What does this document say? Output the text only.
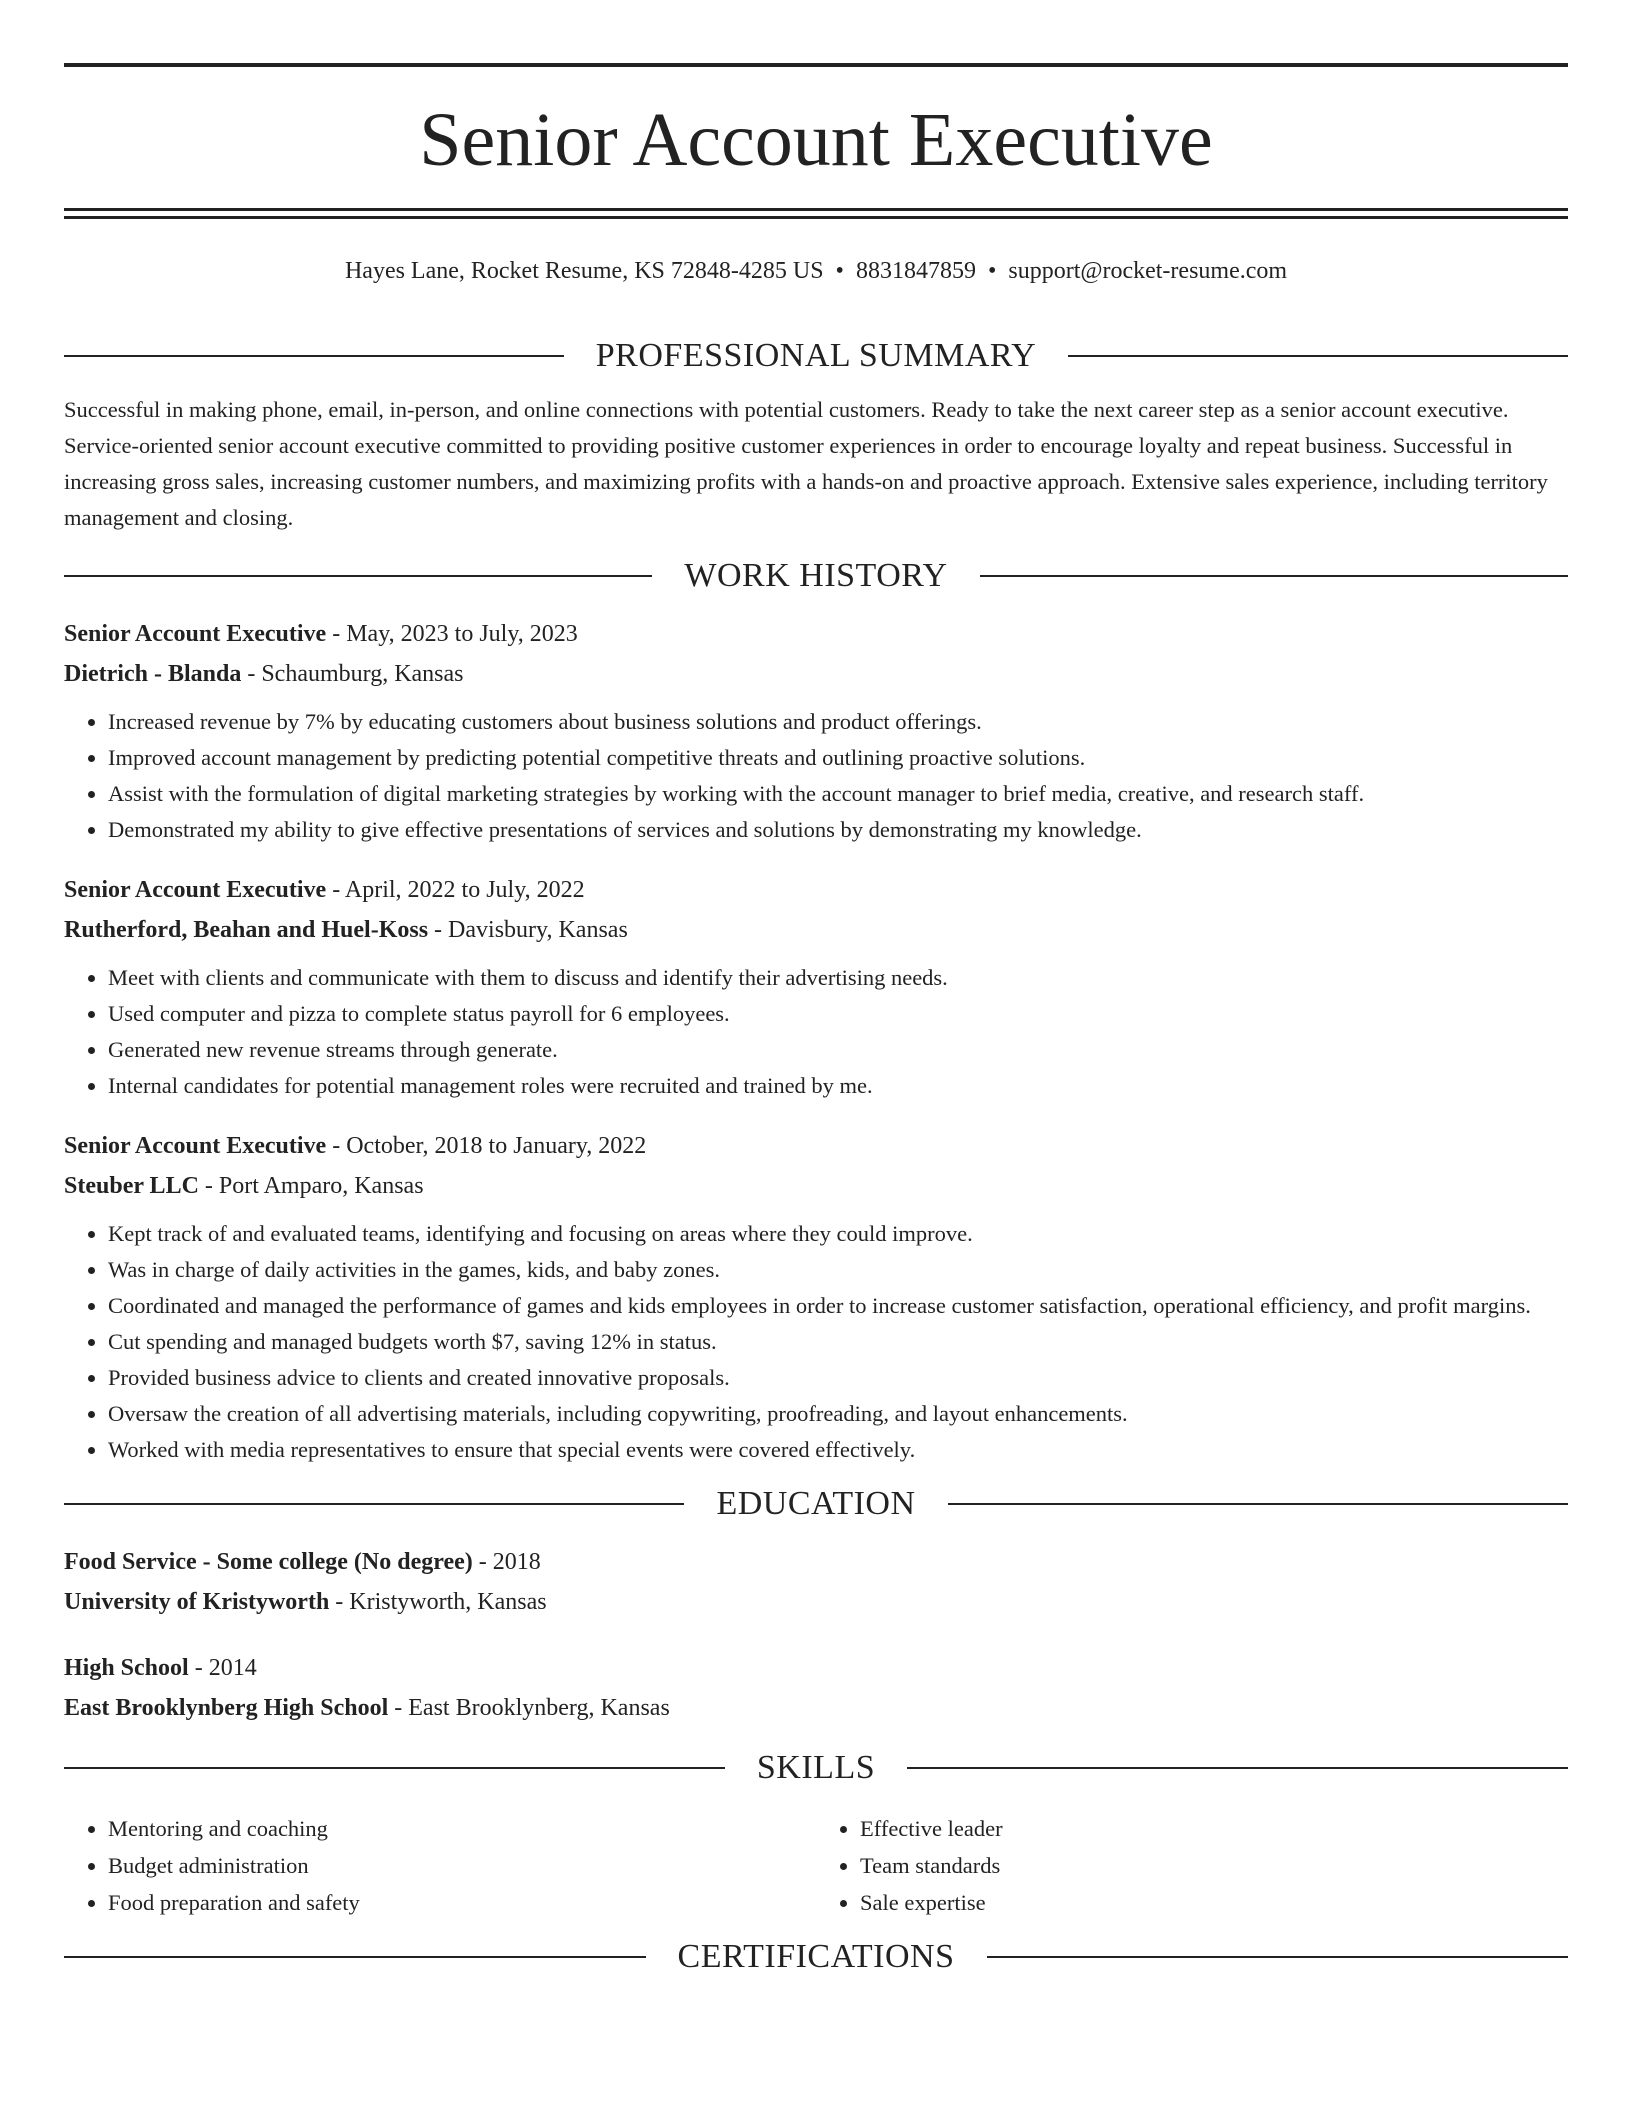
Senior Account Executive
Hayes Lane, Rocket Resume, KS 72848-4285 US • 8831847859 • support@rocket-resume.com
PROFESSIONAL SUMMARY

Successful in making phone, email, in-person, and online connections with potential customers. Ready to take the next career step as a senior account executive. Service-oriented senior account executive committed to providing positive customer experiences in order to encourage loyalty and repeat business. Successful in increasing gross sales, increasing customer numbers, and maximizing profits with a hands-on and proactive approach. Extensive sales experience, including territory management and closing.

WORK HISTORY
Senior Account Executive - May, 2023 to July, 2023
Dietrich - Blanda - Schaumburg, Kansas
• Increased revenue by 7% by educating customers about business solutions and product offerings.
• Improved account management by predicting potential competitive threats and outlining proactive solutions.
• Assist with the formulation of digital marketing strategies by working with the account manager to brief media, creative, and research staff.
• Demonstrated my ability to give effective presentations of services and solutions by demonstrating my knowledge.
Senior Account Executive - April, 2022 to July, 2022
Rutherford, Beahan and Huel-Koss - Davisbury, Kansas
• Meet with clients and communicate with them to discuss and identify their advertising needs.
• Used computer and pizza to complete status payroll for 6 employees.
• Generated new revenue streams through generate.
• Internal candidates for potential management roles were recruited and trained by me.
Senior Account Executive - October, 2018 to January, 2022
Steuber LLC - Port Amparo, Kansas
• Kept track of and evaluated teams, identifying and focusing on areas where they could improve.
• Was in charge of daily activities in the games, kids, and baby zones.
• Coordinated and managed the performance of games and kids employees in order to increase customer satisfaction, operational efficiency, and profit margins.
• Cut spending and managed budgets worth $7, saving 12% in status.
• Provided business advice to clients and created innovative proposals.
• Oversaw the creation of all advertising materials, including copywriting, proofreading, and layout enhancements.
• Worked with media representatives to ensure that special events were covered effectively.
EDUCATION
Food Service - Some college (No degree) - 2018
University of Kristyworth - Kristyworth, Kansas
High School - 2014
East Brooklynberg High School - East Brooklynberg, Kansas
SKILLS
• Mentoring and coaching
• Budget administration
• Food preparation and safety
• Effective leader
• Team standards
• Sale expertise
CERTIFICATIONS
